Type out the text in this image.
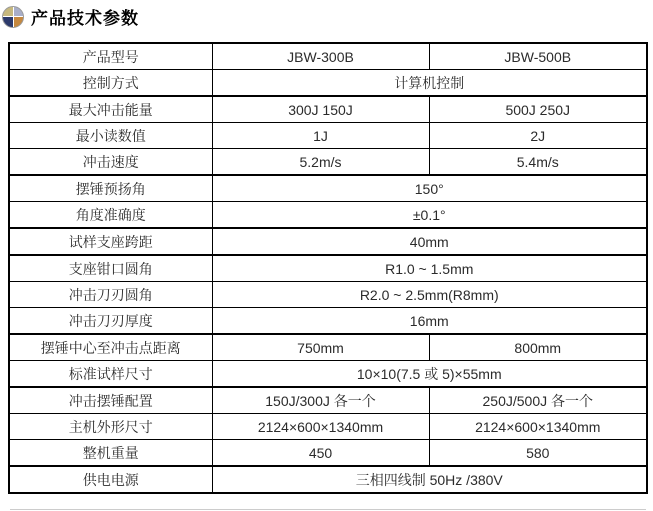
产品技术参数
产品型号	JBW-300B	JBW-500B
控制方式	计算机控制	
最大冲击能量	300J 150J	500J 250J
最小读数值	1J	2J
冲击速度	5.2m/s	5.4m/s
摆锤预扬角	150°	
角度准确度	±0.1°	
试样支座跨距	40mm	
支座钳口圆角	R1.0 ~ 1.5mm	
冲击刀刃圆角	R2.0 ~ 2.5mm(R8mm)	
冲击刀刃厚度	16mm	
摆锤中心至冲击点距离	750mm	800mm
标准试样尺寸	10×10(7.5 或 5)×55mm	
冲击摆锤配置	150J/300J 各一个	250J/500J 各一个
主机外形尺寸	2124×600×1340mm	2124×600×1340mm
整机重量	450	580
供电电源	三相四线制 50Hz /380V	
